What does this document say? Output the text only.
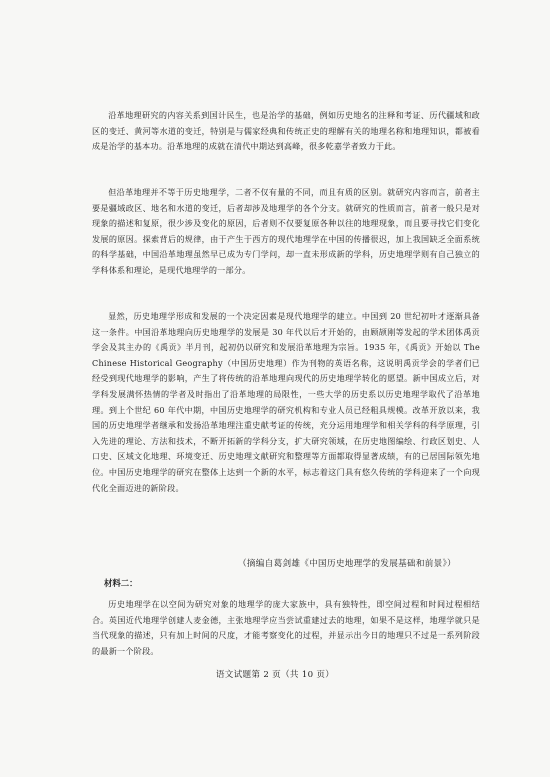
沿革地理研究的内容关系到国计民生，也是治学的基础，例如历史地名的注释和考证、历代疆域和政区的变迁、黄河等水道的变迁，特别是与儒家经典和传统正史的理解有关的地理名称和地理知识，都被看成是治学的基本功。沿革地理的成就在清代中期达到高峰，很多乾嘉学者致力于此。

但沿革地理并不等于历史地理学，二者不仅有量的不同，而且有质的区别。就研究内容而言，前者主要是疆域政区、地名和水道的变迁，后者却涉及地理学的各个分支。就研究的性质而言，前者一般只是对现象的描述和复原，很少涉及变化的原因，后者则不仅要复原各种以往的地理现象，而且要寻找它们变化发展的原因。探索背后的规律，由于产生于西方的现代地理学在中国的传播很迟，加上我国缺乏全面系统的科学基础，中国沿革地理虽然早已成为专门学问，却一直未形成新的学科，历史地理学则有自己独立的学科体系和理论，是现代地理学的一部分。

显然，历史地理学形成和发展的一个决定因素是现代地理学的建立。中国到 20 世纪初叶才逐渐具备这一条件。中国沿革地理向历史地理学的发展是 30 年代以后才开始的，由顾颉刚等发起的学术团体禹贡学会及其主办的《禹贡》半月刊，起初仍以研究和发展沿革地理为宗旨。1935 年，《禹贡》开始以 The Chinese Historical Geography（中国历史地理）作为刊物的英语名称，这说明禹贡学会的学者们已经受到现代地理学的影响，产生了将传统的沿革地理向现代的历史地理学转化的愿望。新中国成立后，对学科发展满怀热情的学者及时指出了沿革地理的局限性，一些大学的历史系以历史地理学取代了沿革地理。到上个世纪 60 年代中期，中国历史地理学的研究机构和专业人员已经粗具规模。改革开放以来，我国的历史地理学者继承和发扬沿革地理注重史献考证的传统，充分运用地理学和相关学科的科学原理，引入先进的理论、方法和技术，不断开拓新的学科分支，扩大研究领域，在历史地图编绘、行政区划史、人口史、区域文化地理、环境变迁、历史地理文献研究和整理等方面都取得显著成绩，有的已居国际领先地位。中国历史地理学的研究在整体上达到一个新的水平，标志着这门具有悠久传统的学科迎来了一个向现代化全面迈进的新阶段。

（摘编自葛剑雄《中国历史地理学的发展基础和前景》）
材料二：

历史地理学在以空间为研究对象的地理学的庞大家族中，具有独特性，即空间过程和时间过程相结合。英国近代地理学创建人麦金德，主张地理学应当尝试重建过去的地理，如果不是这样，地理学就只是当代现象的描述，只有加上时间的尺度，才能考察变化的过程，并显示出今日的地理只不过是一系列阶段的最新一个阶段。

语文试题第 2 页（共 10 页）
